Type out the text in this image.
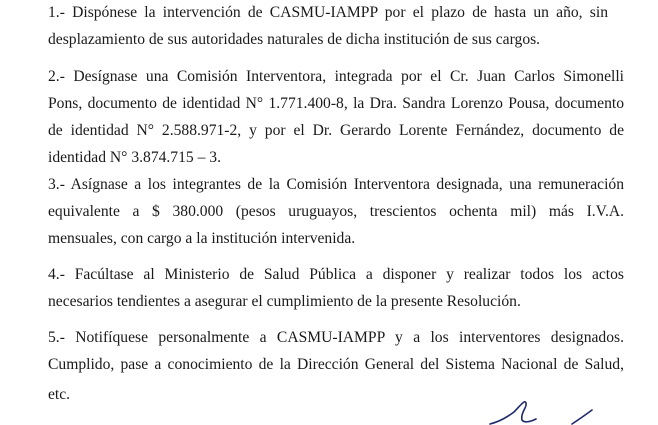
1.- Dispónese la intervención de CASMU-IAMPP por el plazo de hasta un año, sin
desplazamiento de sus autoridades naturales de dicha institución de sus cargos.
2.- Desígnase una Comisión Interventora, integrada por el Cr. Juan Carlos Simonelli
Pons, documento de identidad N° 1.771.400-8, la Dra. Sandra Lorenzo Pousa, documento
de identidad N° 2.588.971-2, y por el Dr. Gerardo Lorente Fernández, documento de
identidad N° 3.874.715 – 3.
3.- Asígnase a los integrantes de la Comisión Interventora designada, una remuneración
equivalente a $ 380.000 (pesos uruguayos, trescientos ochenta mil) más I.V.A.
mensuales, con cargo a la institución intervenida.
4.- Facúltase al Ministerio de Salud Pública a disponer y realizar todos los actos
necesarios tendientes a asegurar el cumplimiento de la presente Resolución.
5.- Notifíquese personalmente a CASMU-IAMPP y a los interventores designados.
Cumplido, pase a conocimiento de la Dirección General del Sistema Nacional de Salud,
etc.
